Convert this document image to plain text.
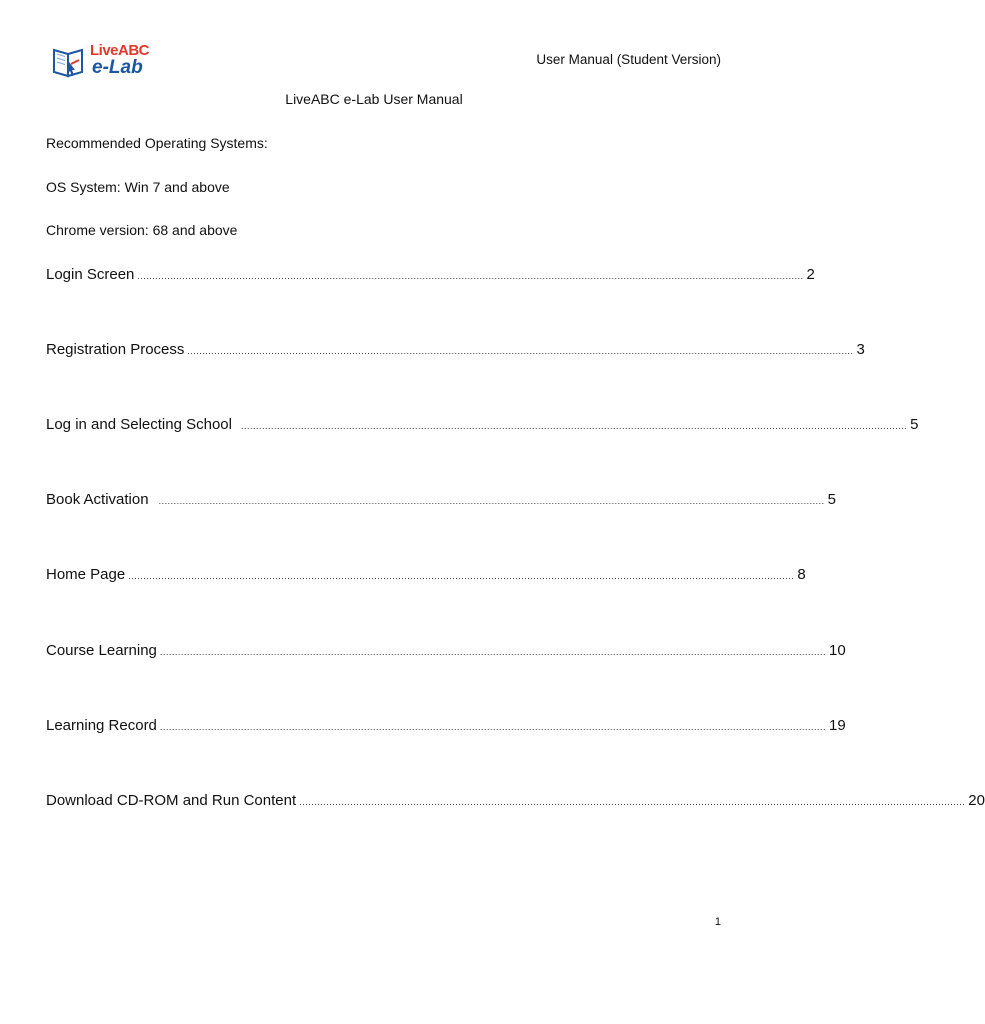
LiveABC
e-Lab	User Manual (Student Version)
LiveABC e-Lab User Manual
Recommended Operating Systems:
OS System: Win 7 and above
Chrome version: 68 and above
Login Screen .............................................................................................................................................................................................................................. 2
Registration Process .............................................................................................................................................................................................................................. 3
Log in and Selecting School .............................................................................................................................................................................................................................. 5
Book Activation .............................................................................................................................................................................................................................. 5
Home Page .............................................................................................................................................................................................................................. 8
Course Learning .............................................................................................................................................................................................................................. 10
Learning Record .............................................................................................................................................................................................................................. 19
Download CD-ROM and Run Content .............................................................................................................................................................................................................................. 20
1
